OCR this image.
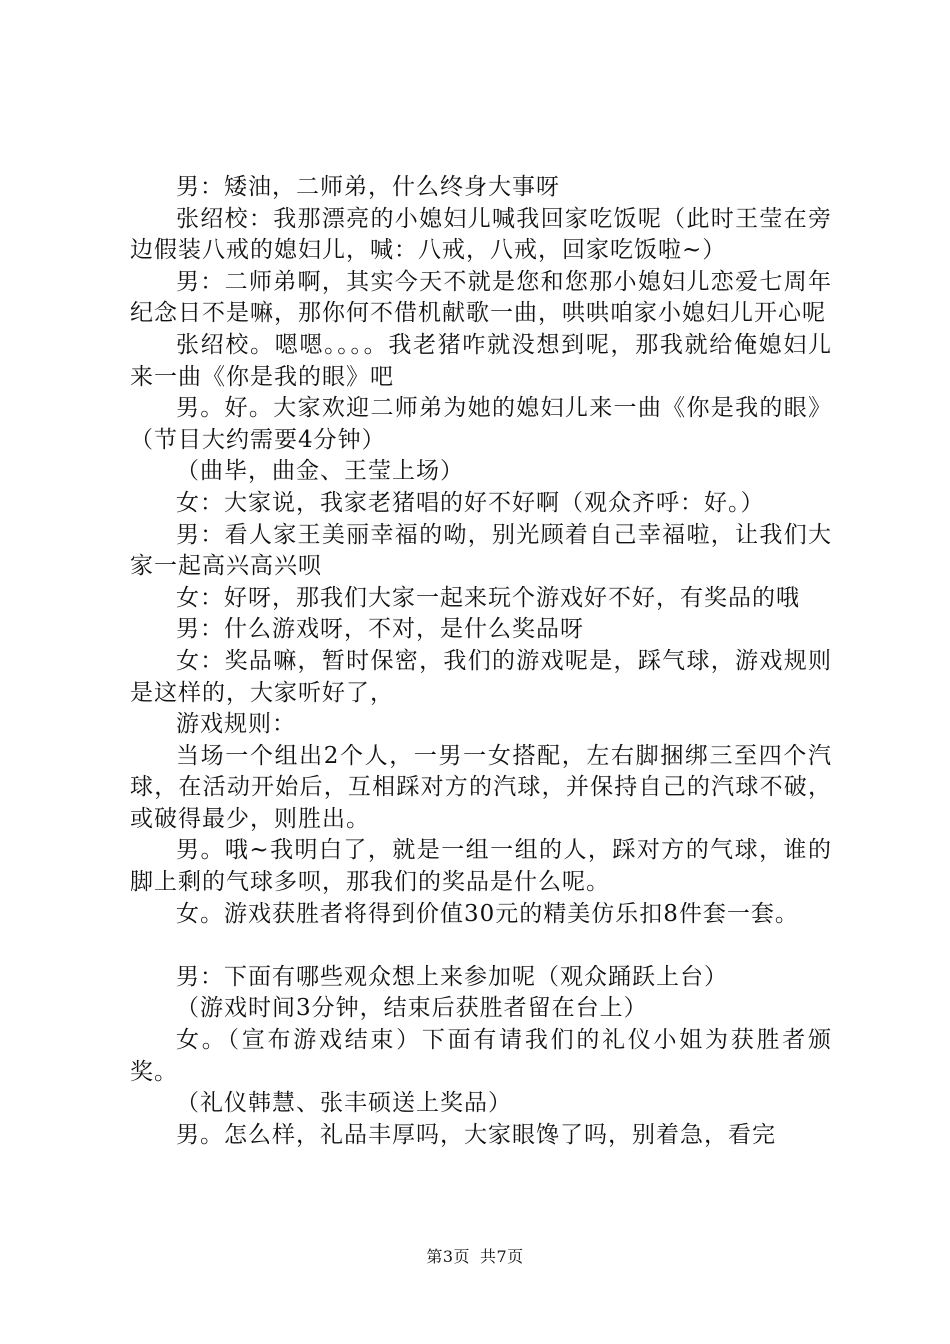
男：矮油，二师弟，什么终身大事呀

张绍校：我那漂亮的小媳妇儿喊我回家吃饭呢（此时王莹在旁边假装八戒的媳妇儿，喊：八戒，八戒，回家吃饭啦~）

男：二师弟啊，其实今天不就是您和您那小媳妇儿恋爱七周年纪念日不是嘛，那你何不借机献歌一曲，哄哄咱家小媳妇儿开心呢

张绍校。嗯嗯。。。。我老猪咋就没想到呢，那我就给俺媳妇儿来一曲《你是我的眼》吧

男。好。大家欢迎二师弟为她的媳妇儿来一曲《你是我的眼》（节目大约需要4分钟）

（曲毕，曲金、王莹上场）

女：大家说，我家老猪唱的好不好啊（观众齐呼：好。）

男：看人家王美丽幸福的呦，别光顾着自己幸福啦，让我们大家一起高兴高兴呗

女：好呀，那我们大家一起来玩个游戏好不好，有奖品的哦

男：什么游戏呀，不对，是什么奖品呀

女：奖品嘛，暂时保密，我们的游戏呢是，踩气球，游戏规则是这样的，大家听好了，

游戏规则：

当场一个组出2个人，一男一女搭配，左右脚捆绑三至四个汽球，在活动开始后，互相踩对方的汽球，并保持自己的汽球不破，或破得最少，则胜出。

男。哦~我明白了，就是一组一组的人，踩对方的气球，谁的脚上剩的气球多呗，那我们的奖品是什么呢。

女。游戏获胜者将得到价值30元的精美仿乐扣8件套一套。

男：下面有哪些观众想上来参加呢（观众踊跃上台）

（游戏时间3分钟，结束后获胜者留在台上）

女。（宣布游戏结束）下面有请我们的礼仪小姐为获胜者颁奖。

（礼仪韩慧、张丰硕送上奖品）

男。怎么样，礼品丰厚吗，大家眼馋了吗，别着急，看完

第3页 共7页
